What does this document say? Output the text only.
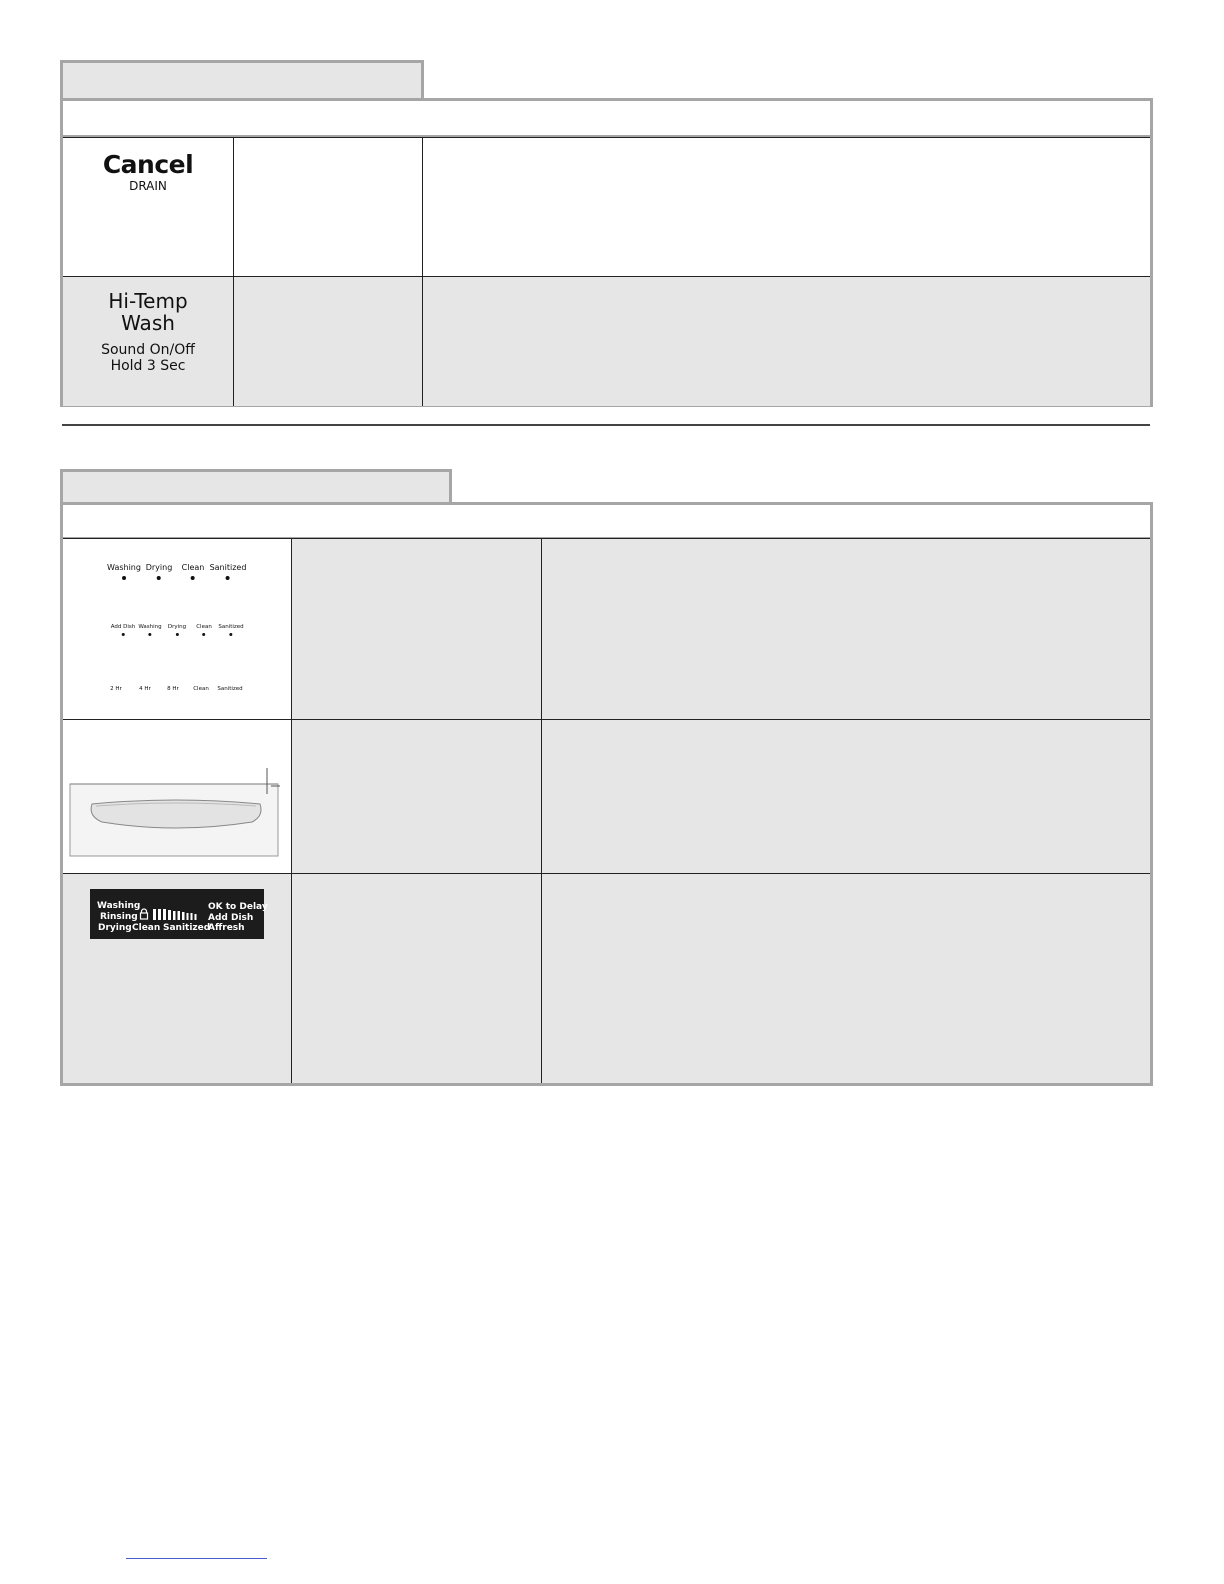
Cancel
DRAIN
Hi-Temp
Wash
Sound On/Off
Hold 3 Sec
Washing Drying Clean Sanitized
Add Dish Washing Drying Clean Sanitized
2 Hr	4 Hr	8 Hr	Clean Sanitized
Washing
Rinsing
Drying Clean Sanitized
OK to Delay
Add Dish
Affresh
